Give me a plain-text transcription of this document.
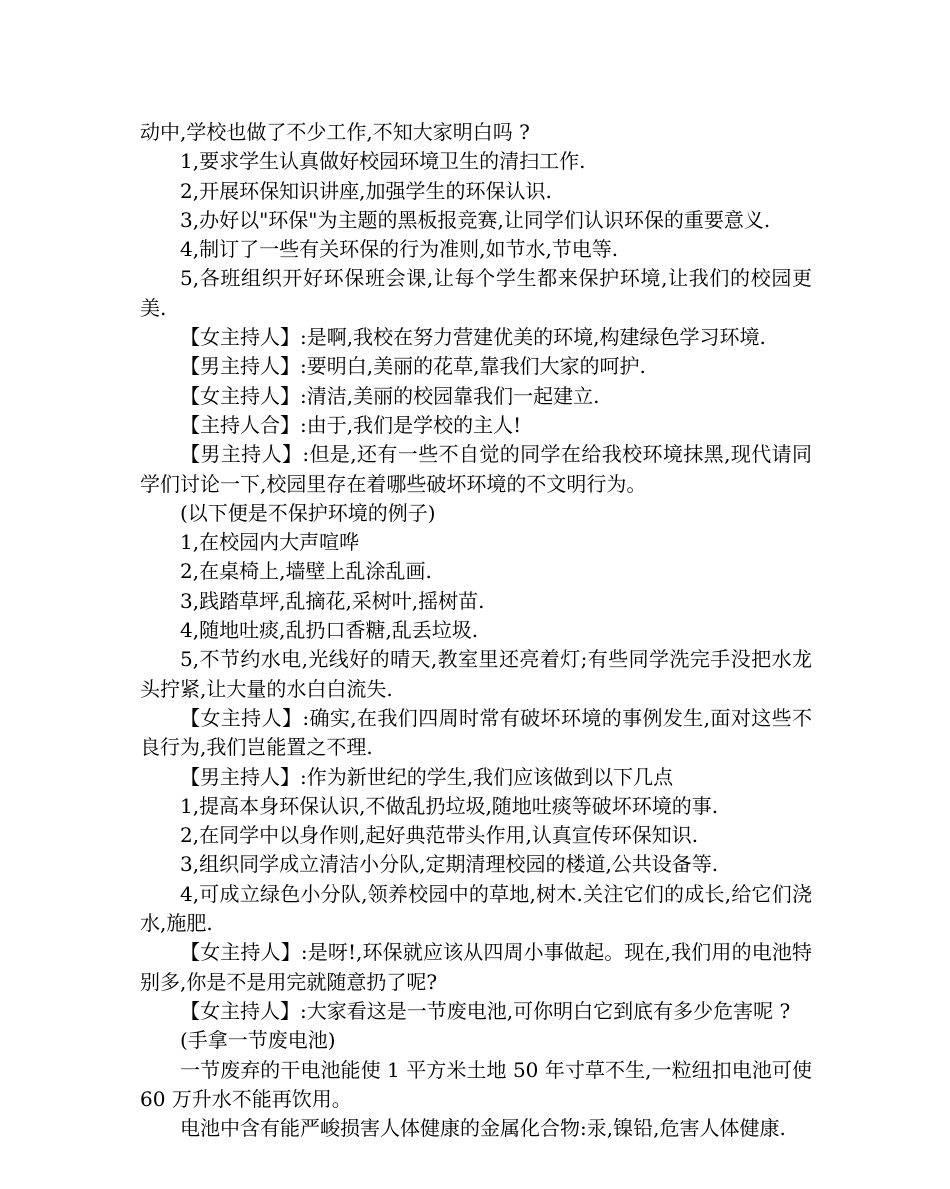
动中,学校也做了不少工作,不知大家明白吗 ?

1,要求学生认真做好校园环境卫生的清扫工作.

2,开展环保知识讲座,加强学生的环保认识.

3,办好以"环保"为主题的黑板报竞赛,让同学们认识环保的重要意义.

4,制订了一些有关环保的行为准则,如节水,节电等.

5,各班组织开好环保班会课,让每个学生都来保护环境,让我们的校园更美.

【女主持人】:是啊,我校在努力营建优美的环境,构建绿色学习环境.

【男主持人】:要明白,美丽的花草,靠我们大家的呵护.

【女主持人】:清洁,美丽的校园靠我们一起建立.

【主持人合】:由于,我们是学校的主人!

【男主持人】:但是,还有一些不自觉的同学在给我校环境抹黑,现代请同学们讨论一下,校园里存在着哪些破坏环境的不文明行为。

(以下便是不保护环境的例子)

1,在校园内大声喧哗

2,在桌椅上,墙壁上乱涂乱画.

3,践踏草坪,乱摘花,采树叶,摇树苗.

4,随地吐痰,乱扔口香糖,乱丢垃圾.

5,不节约水电,光线好的晴天,教室里还亮着灯;有些同学洗完手没把水龙头拧紧,让大量的水白白流失.

【女主持人】:确实,在我们四周时常有破坏环境的事例发生,面对这些不良行为,我们岂能置之不理.

【男主持人】:作为新世纪的学生,我们应该做到以下几点

1,提高本身环保认识,不做乱扔垃圾,随地吐痰等破坏环境的事.

2,在同学中以身作则,起好典范带头作用,认真宣传环保知识.

3,组织同学成立清洁小分队,定期清理校园的楼道,公共设备等.

4,可成立绿色小分队,领养校园中的草地,树木.关注它们的成长,给它们浇水,施肥.

【女主持人】:是呀!,环保就应该从四周小事做起。现在,我们用的电池特别多,你是不是用完就随意扔了呢?

【女主持人】:大家看这是一节废电池,可你明白它到底有多少危害呢 ?

(手拿一节废电池)

一节废弃的干电池能使 1 平方米土地 50 年寸草不生,一粒纽扣电池可使 60 万升水不能再饮用。

电池中含有能严峻损害人体健康的金属化合物:汞,镍铅,危害人体健康.
